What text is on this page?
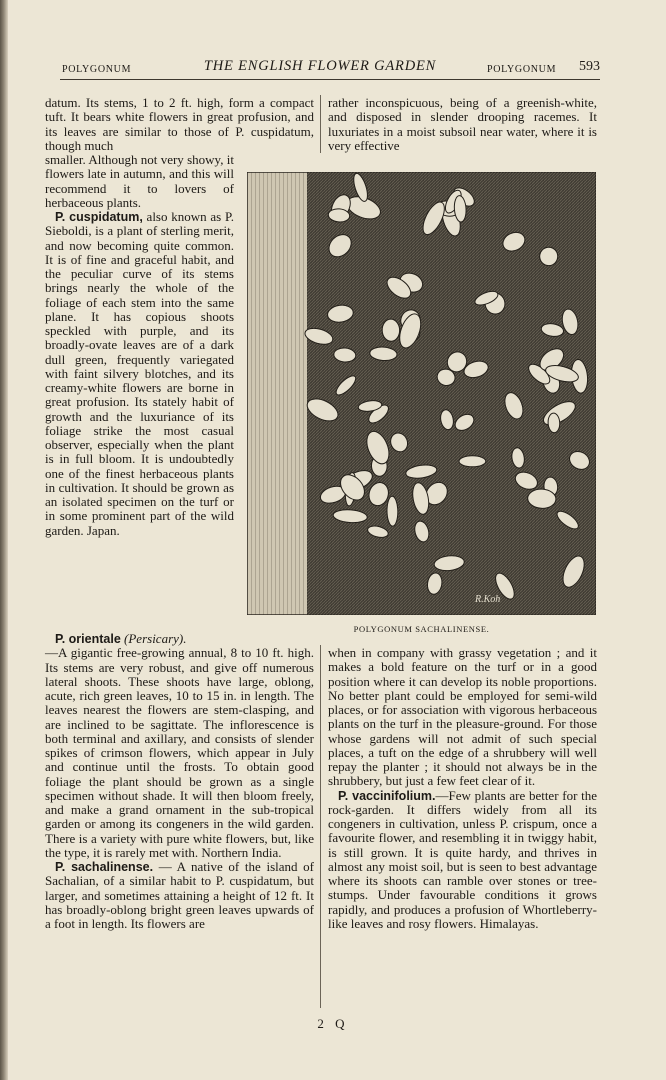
POLYGONUM	THE ENGLISH FLOWER GARDEN	POLYGONUM 593

datum. Its stems, 1 to 2 ft. high, form a compact tuft. It bears white flowers in great profusion, and its leaves are similar to those of P. cuspidatum, though much

smaller. Although not very showy, it flowers late in autumn, and this will recommend it to lovers of herbaceous plants.

P. cuspidatum, also known as P. Sieboldi, is a plant of sterling merit, and now becoming quite common. It is of fine and graceful habit, and the peculiar curve of its stems brings nearly the whole of the foliage of each stem into the same plane. It has copious shoots speckled with purple, and its broadly-ovate leaves are of a dark dull green, frequently variegated with faint silvery blotches, and its creamy-white flowers are borne in great profusion. Its stately habit of growth and the luxuriance of its foliage strike the most casual observer, especially when the plant is in full bloom. It is undoubtedly one of the finest herbaceous plants in cultivation. It should be grown as an isolated specimen on the turf or in some prominent part of the wild garden. Japan.

P. orientale (Persicary).

—A gigantic free-growing annual, 8 to 10 ft. high. Its stems are very robust, and give off numerous lateral shoots. These shoots have large, oblong, acute, rich green leaves, 10 to 15 in. in length. The leaves nearest the flowers are stem-clasping, and are inclined to be sagittate. The inflorescence is both terminal and axillary, and consists of slender spikes of crimson flowers, which appear in July and continue until the frosts. To obtain good foliage the plant should be grown as a single specimen without shade. It will then bloom freely, and make a grand ornament in the sub-tropical garden or among its congeners in the wild garden. There is a variety with pure white flowers, but, like the type, it is rarely met with. Northern India.

P. sachalinense. — A native of the island of Sachalian, of a similar habit to P. cuspidatum, but larger, and sometimes attaining a height of 12 ft. It has broadly-oblong bright green leaves upwards of a foot in length. Its flowers are

rather inconspicuous, being of a greenish-white, and disposed in slender drooping racemes. It luxuriates in a moist subsoil near water, where it is very effective

R.Koh
POLYGONUM SACHALINENSE.

when in company with grassy vegetation ; and it makes a bold feature on the turf or in a good position where it can develop its noble proportions. No better plant could be employed for semi-wild places, or for association with vigorous herbaceous plants on the turf in the pleasure-ground. For those whose gardens will not admit of such special places, a tuft on the edge of a shrubbery will well repay the planter ; it should not always be in the shrubbery, but just a few feet clear of it.

P. vaccinifolium.—Few plants are better for the rock-garden. It differs widely from all its congeners in cultivation, unless P. crispum, once a favourite flower, and resembling it in twiggy habit, is still grown. It is quite hardy, and thrives in almost any moist soil, but is seen to best advantage where its shoots can ramble over stones or tree-stumps. Under favourable conditions it grows rapidly, and produces a profusion of Whortleberry-like leaves and rosy flowers. Himalayas.

2 Q
